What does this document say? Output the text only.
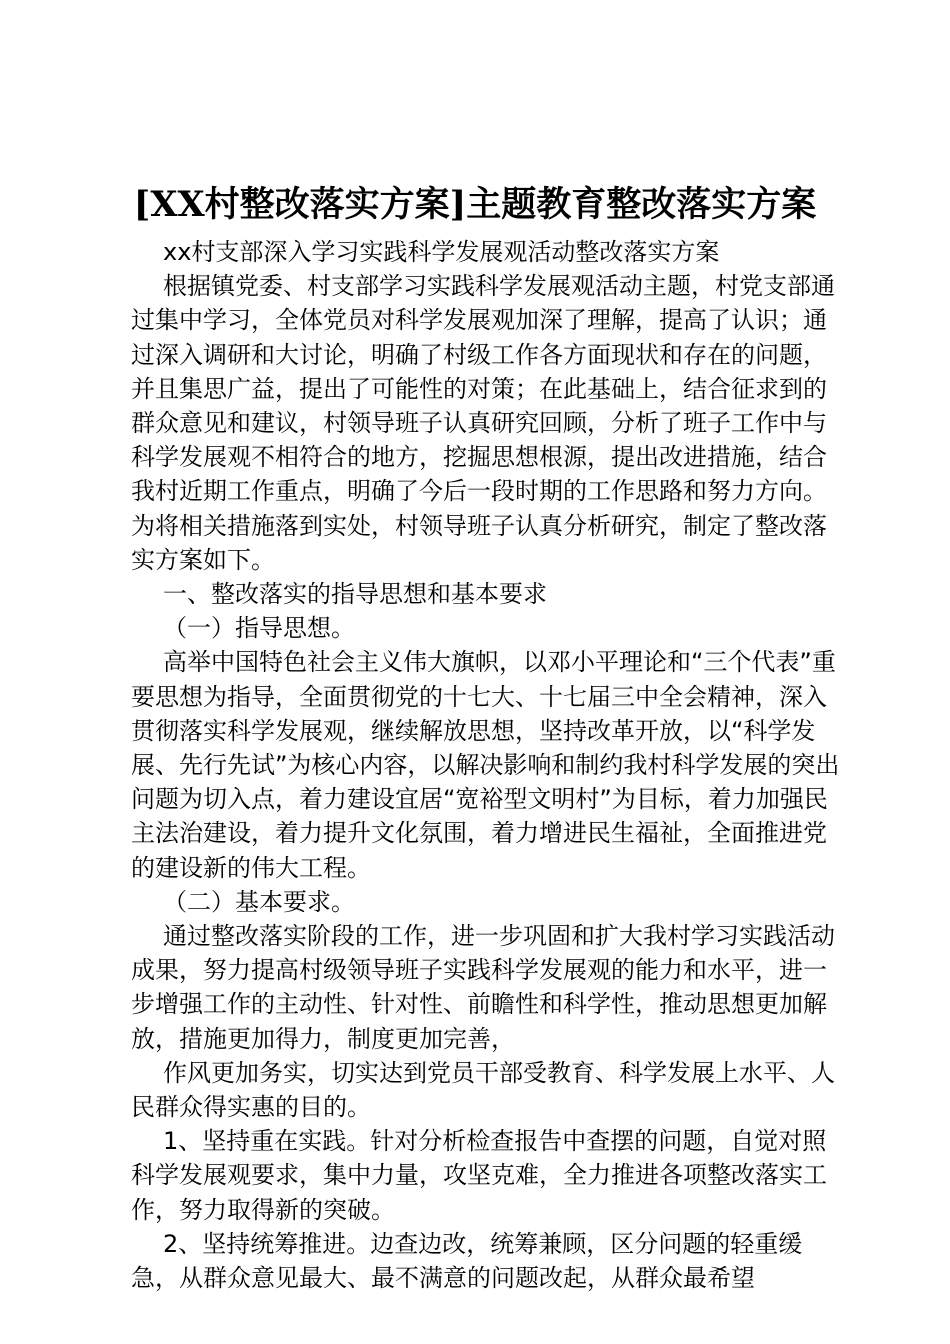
[XX村整改落实方案]主题教育整改落实方案

xx村支部深入学习实践科学发展观活动整改落实方案

根据镇党委、村支部学习实践科学发展观活动主题，村党支部通过集中学习，全体党员对科学发展观加深了理解，提高了认识；通过深入调研和大讨论，明确了村级工作各方面现状和存在的问题，并且集思广益，提出了可能性的对策；在此基础上，结合征求到的群众意见和建议，村领导班子认真研究回顾，分析了班子工作中与科学发展观不相符合的地方，挖掘思想根源，提出改进措施，结合我村近期工作重点，明确了今后一段时期的工作思路和努力方向。为将相关措施落到实处，村领导班子认真分析研究，制定了整改落实方案如下。

一、整改落实的指导思想和基本要求

（一）指导思想。

高举中国特色社会主义伟大旗帜，以邓小平理论和“三个代表”重要思想为指导，全面贯彻党的十七大、十七届三中全会精神，深入贯彻落实科学发展观，继续解放思想，坚持改革开放，以“科学发展、先行先试”为核心内容，以解决影响和制约我村科学发展的突出问题为切入点，着力建设宜居“宽裕型文明村”为目标，着力加强民主法治建设，着力提升文化氛围，着力增进民生福祉，全面推进党的建设新的伟大工程。

（二）基本要求。

通过整改落实阶段的工作，进一步巩固和扩大我村学习实践活动成果，努力提高村级领导班子实践科学发展观的能力和水平，进一步增强工作的主动性、针对性、前瞻性和科学性，推动思想更加解放，措施更加得力，制度更加完善，

作风更加务实，切实达到党员干部受教育、科学发展上水平、人民群众得实惠的目的。

1、坚持重在实践。针对分析检查报告中查摆的问题，自觉对照科学发展观要求，集中力量，攻坚克难，全力推进各项整改落实工作，努力取得新的突破。

2、坚持统筹推进。边查边改，统筹兼顾，区分问题的轻重缓急，从群众意见最大、最不满意的问题改起，从群众最希望
